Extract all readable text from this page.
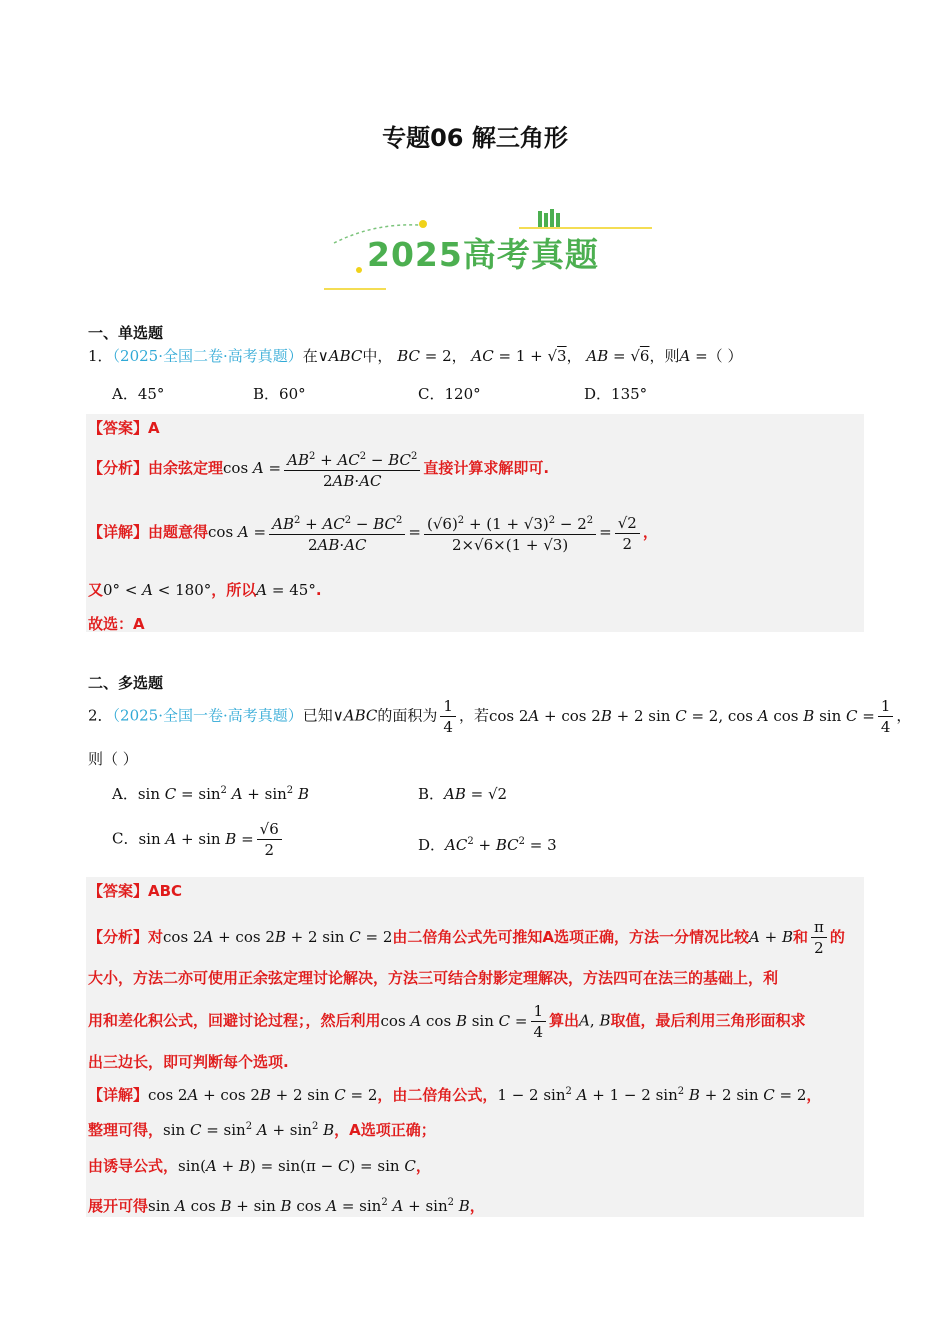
专题06 解三角形
2025高考真题
一、单选题
1．（2025·全国二卷·高考真题）在∨ABC中， BC = 2， AC = 1 + √3， AB = √6，则A =（ ）
A．45°	B．60°	C．120°	D．135°
【答案】A
【分析】由余弦定理$\cos A = \frac{AB^2 + AC^2 - BC^2}{2AB\cdot AC}$ 直接计算求解即可.
【详解】由题意得$\cos A = \frac{AB^2 + AC^2 - BC^2}{2AB\cdot AC} = \frac{(√6)^2 + (1 + √3)^2 - 2^2}{2\times√6\times(1 + √3)} = \frac{√2}{2}$ ，
又0° < A < 180°，所以A = 45°.
故选：A
二、多选题
2．（2025·全国一卷·高考真题）已知∨ABC的面积为 $\frac{1}{4}$ ，若cos 2A + cos 2B + 2 sin C = 2, cos A cos B $\sin C = \frac{1}{4}$ ，
则（ ）
A．$\sin C = \sin^2 A + \sin^2 B$	B．AB = √2
C．$\sin A + \sin B = \frac{√6}{2}$	D．$AC^2 + BC^2 = 3$
【答案】ABC
【分析】对cos 2A + cos 2B + 2 sin C = 2由二倍角公式先可推知A选项正确，方法一分情况比较A + B和 $\frac{\pi}{2}$ 的
大小，方法二亦可使用正余弦定理讨论解决，方法三可结合射影定理解决，方法四可在法三的基础上，利
用和差化积公式，回避讨论过程；，然后利用cos A cos B $\sin C = \frac{1}{4}$ 算出A, B取值，最后利用三角形面积求
出三边长，即可判断每个选项.
【详解】cos 2A + cos 2B + 2 sin C = 2，由二倍角公式，1 − 2 $\sin^2 A + 1 - 2$ $\sin^2 B + 2$ sin C = 2，
整理可得，$\sin C = \sin^2 A + \sin^2 B$，A选项正确；
由诱导公式，sin(A + B) = sin(π − C) = sin C，
展开可得sin A cos B + sin B $\cos A = \sin^2 A + \sin^2 B$，
